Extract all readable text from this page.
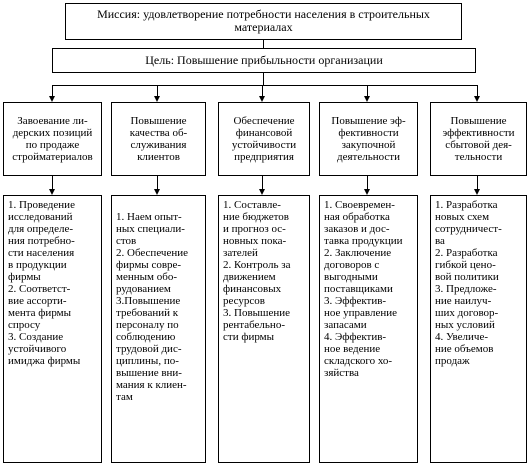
Миссия: удовлетворение потребности населения в строительных
материалах
Цель: Повышение прибыльности организации
Завоевание ли-
дерских позиций
по продаже
стройматериалов
Повышение
качества об-
служивания
клиентов
Обеспечение
финансовой
устойчивости
предприятия
Повышение эф-
фективности
закупочной
деятельности
Повышение
эффективности
сбытовой дея-
тельности

1. Проведение
исследований
для определе-
ния потребно-
сти населения
в продукции
фирмы
2. Соответст-
вие ассорти-
мента фирмы
спросу
3. Создание
устойчивого
имиджа фирмы

1. Наем опыт-
ных специали-
стов
2. Обеспечение
фирмы совре-
менным обо-
рудованием
3.Повышение
требований к
персоналу по
соблюдению
трудовой дис-
циплины, по-
вышение вни-
мания к клиен-
там

1. Составле-
ние бюджетов
и прогноз ос-
новных пока-
зателей
2. Контроль за
движением
финансовых
ресурсов
3. Повышение
рентабельно-
сти фирмы

1. Своевремен-
ная обработка
заказов и дос-
тавка продукции
2. Заключение
договоров с
выгодными
поставщиками
3. Эффектив-
ное управление
запасами
4. Эффектив-
ное ведение
складского хо-
зяйства

1. Разработка
новых схем
сотрудничест-
ва
2. Разработка
гибкой цено-
вой политики
3. Предложе-
ние наилуч-
ших договор-
ных условий
4. Увеличе-
ние объемов
продаж
